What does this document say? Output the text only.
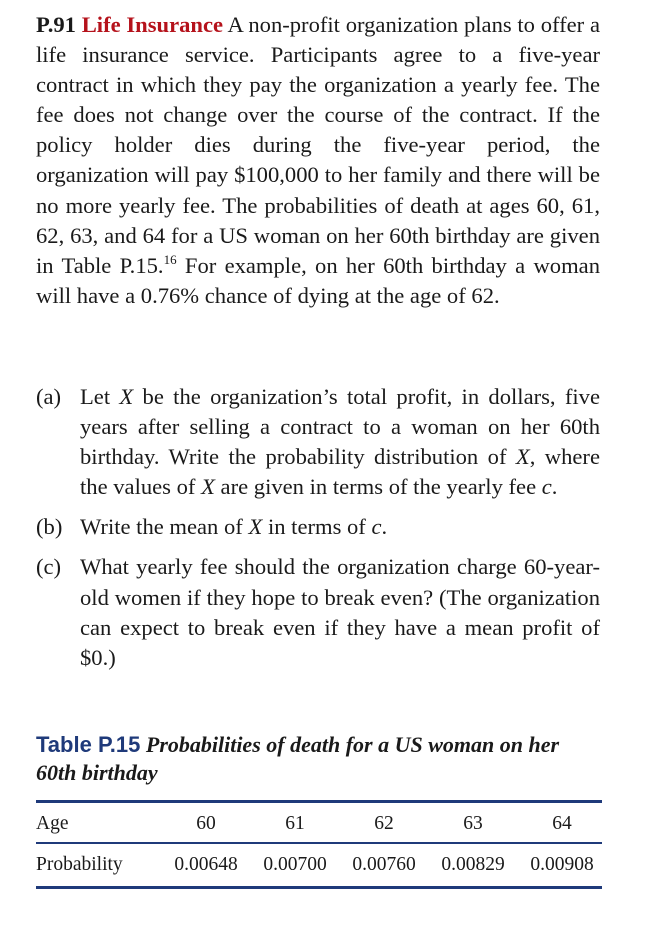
P.91 Life Insurance A non-profit organization plans to offer a life insurance service. Participants agree to a five-year contract in which they pay the organization a yearly fee. The fee does not change over the course of the contract. If the policy holder dies during the five-year period, the organization will pay $100,000 to her family and there will be no more yearly fee. The probabilities of death at ages 60, 61, 62, 63, and 64 for a US woman on her 60th birthday are given in Table P.15.16 For example, on her 60th birthday a woman will have a 0.76% chance of dying at the age of 62.

(a) Let X be the organization’s total profit, in dollars, five years after selling a contract to a woman on her 60th birthday. Write the probability distribution of X, where the values of X are given in terms of the yearly fee c.
(b) Write the mean of X in terms of c.
(c) What yearly fee should the organization charge 60-year-old women if they hope to break even? (The organization can expect to break even if they have a mean profit of $0.)
Table P.15 Probabilities of death for a US woman on her 60th birthday
Age	60	61	62	63	64
Probability	0.00648	0.00700	0.00760	0.00829	0.00908
